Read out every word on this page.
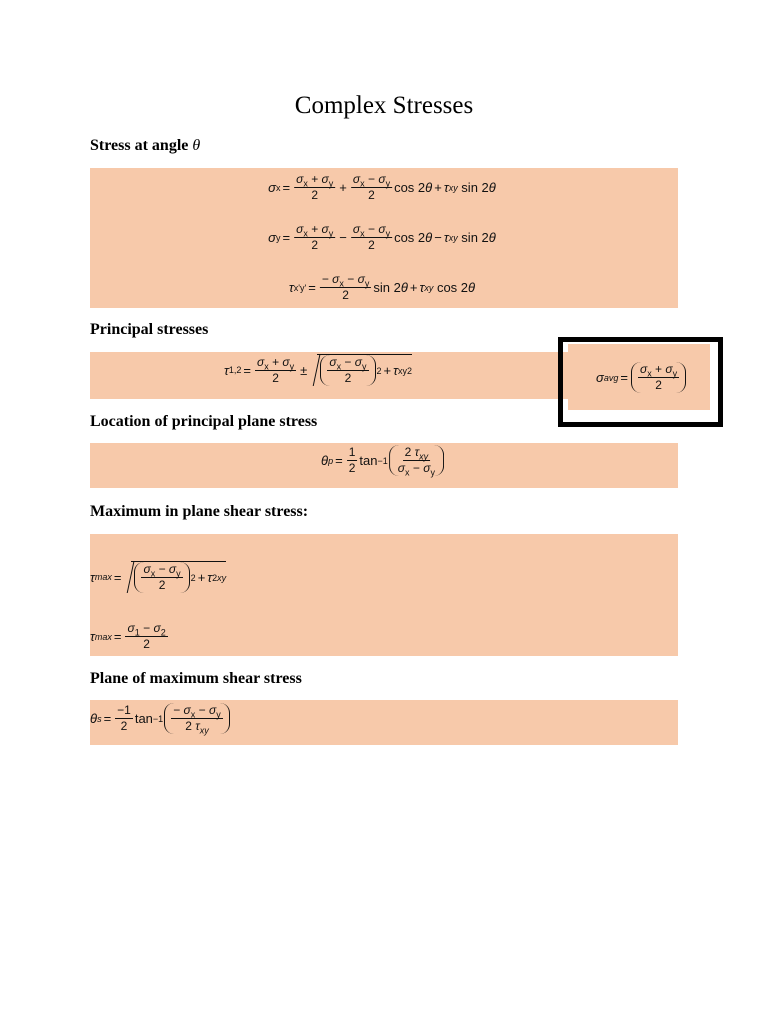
Complex Stresses
Stress at angle θ
σ $x = \frac{\sigma_x + \sigma_y}{2} + \frac{\sigma_x - \sigma_y}{2}$ cos 2 θ + τ xy sin 2 θ
σ $y = \frac{\sigma_x + \sigma_y}{2} - \frac{\sigma_x - \sigma_y}{2}$ cos 2 θ − τ xy sin 2 θ
τ $x'y' = \frac{- \sigma_x - \sigma_y}{2}$ sin 2 θ + τ xy cos 2 θ
Principal stresses
τ $1,2 = \frac{\sigma_x + \sigma_y}{2} \pm \frac{\sigma_x - \sigma_y}{2} 2 + \tau$ xy 2	σ avg = $\frac{\sigma_x + \sigma_y}{2}$
Location of principal plane stress
θ $p = \frac{1}{2}$ $\tan -1 \frac{2 \tau_{xy}}{\sigma_x - \sigma_y}$
Maximum in plane shear stress:
τ $\max = \frac{\sigma_x - \sigma_y}{2} 2 + \tau$ 2 xy
τ $\max = \frac{\sigma_1 - \sigma_2}{2}$
Plane of maximum shear stress
θ $s = \frac{-1}{2}$ $\tan -1 \frac{- \sigma_x - \sigma_y}{2 \tau_{xy}}$
